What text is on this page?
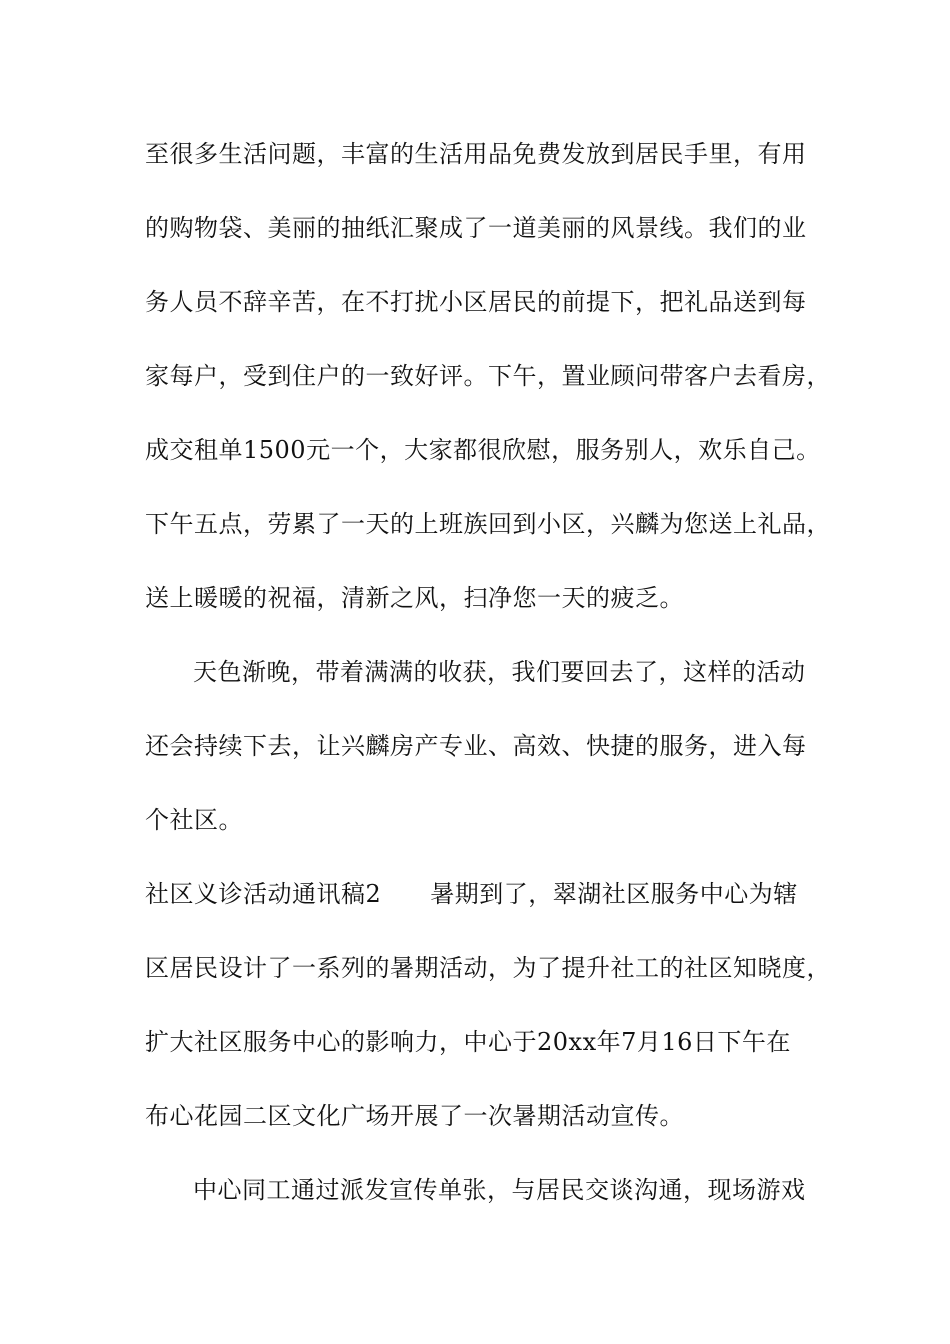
至很多生活问题，丰富的生活用品免费发放到居民手里，有用
的购物袋、美丽的抽纸汇聚成了一道美丽的风景线。我们的业
务人员不辞辛苦，在不打扰小区居民的前提下，把礼品送到每
家每户，受到住户的一致好评。下午，置业顾问带客户去看房，
成交租单1500元一个，大家都很欣慰，服务别人，欢乐自己。
下午五点，劳累了一天的上班族回到小区，兴麟为您送上礼品，
送上暖暖的祝福，清新之风，扫净您一天的疲乏。
天色渐晚，带着满满的收获，我们要回去了，这样的活动
还会持续下去，让兴麟房产专业、高效、快捷的服务，进入每
个社区。
社区义诊活动通讯稿2　　暑期到了，翠湖社区服务中心为辖
区居民设计了一系列的暑期活动，为了提升社工的社区知晓度，
扩大社区服务中心的影响力，中心于20xx年7月16日下午在
布心花园二区文化广场开展了一次暑期活动宣传。
中心同工通过派发宣传单张，与居民交谈沟通，现场游戏
